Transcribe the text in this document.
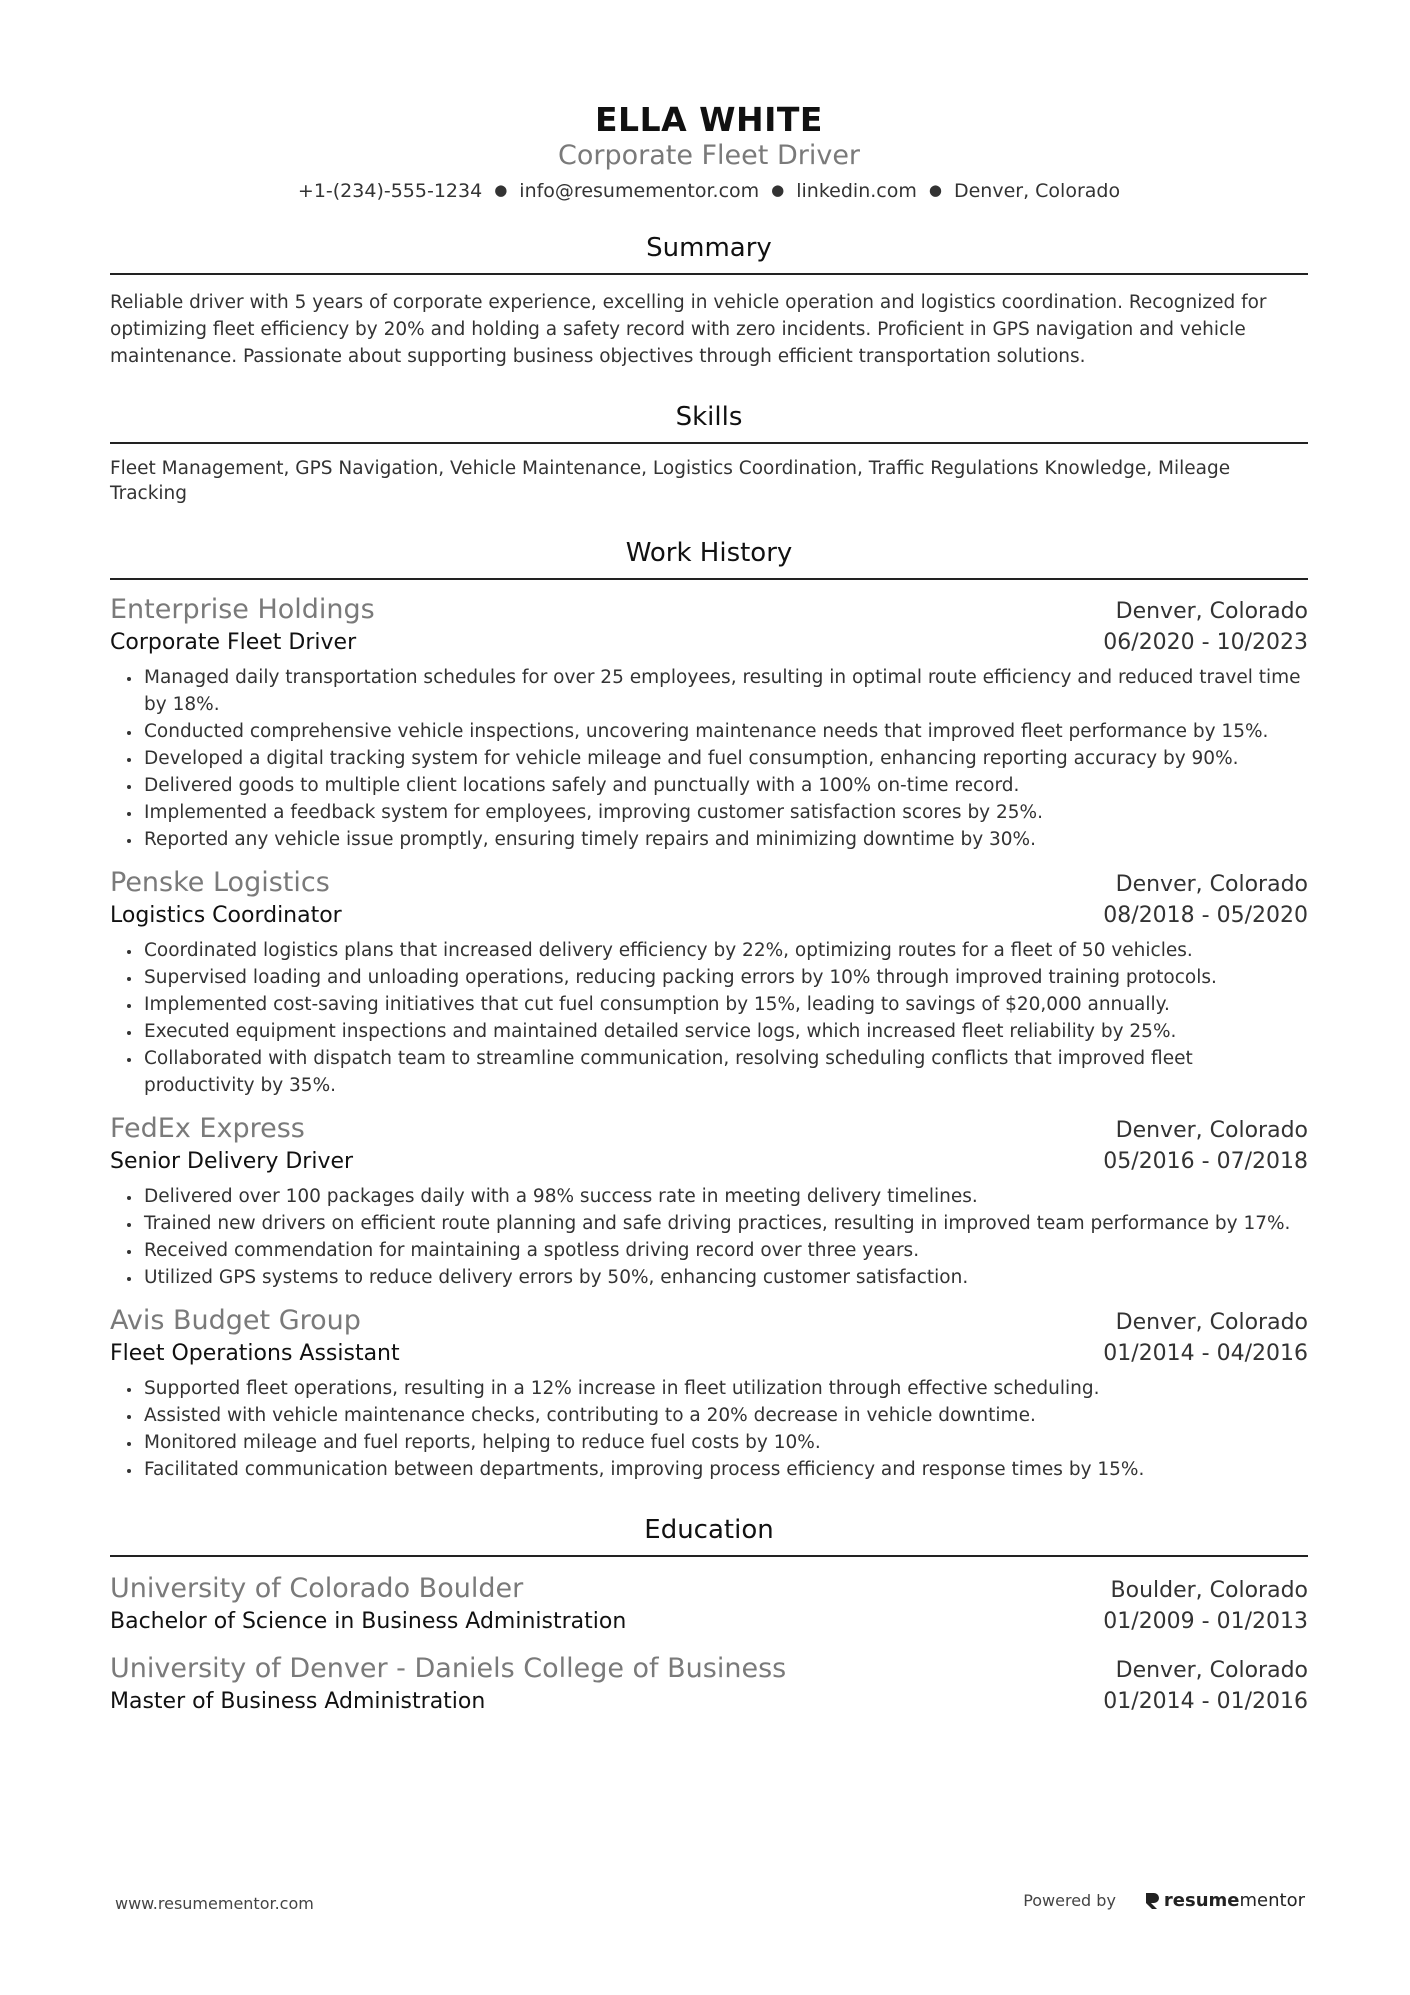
ELLA WHITE
Corporate Fleet Driver
+1-(234)-555-1234 ● info@resumementor.com ● linkedin.com ● Denver, Colorado
Summary
Reliable driver with 5 years of corporate experience, excelling in vehicle operation and logistics coordination. Recognized for optimizing fleet efficiency by 20% and holding a safety record with zero incidents. Proficient in GPS navigation and vehicle maintenance. Passionate about supporting business objectives through efficient transportation solutions.
Skills
Fleet Management, GPS Navigation, Vehicle Maintenance, Logistics Coordination, Traffic Regulations Knowledge, Mileage Tracking
Work History
Enterprise Holdings	Denver, Colorado
Corporate Fleet Driver	06/2020 - 10/2023
• Managed daily transportation schedules for over 25 employees, resulting in optimal route efficiency and reduced travel time by 18%.
• Conducted comprehensive vehicle inspections, uncovering maintenance needs that improved fleet performance by 15%.
• Developed a digital tracking system for vehicle mileage and fuel consumption, enhancing reporting accuracy by 90%.
• Delivered goods to multiple client locations safely and punctually with a 100% on-time record.
• Implemented a feedback system for employees, improving customer satisfaction scores by 25%.
• Reported any vehicle issue promptly, ensuring timely repairs and minimizing downtime by 30%.
Penske Logistics	Denver, Colorado
Logistics Coordinator	08/2018 - 05/2020
• Coordinated logistics plans that increased delivery efficiency by 22%, optimizing routes for a fleet of 50 vehicles.
• Supervised loading and unloading operations, reducing packing errors by 10% through improved training protocols.
• Implemented cost-saving initiatives that cut fuel consumption by 15%, leading to savings of $20,000 annually.
• Executed equipment inspections and maintained detailed service logs, which increased fleet reliability by 25%.
• Collaborated with dispatch team to streamline communication, resolving scheduling conflicts that improved fleet productivity by 35%.
FedEx Express	Denver, Colorado
Senior Delivery Driver	05/2016 - 07/2018
• Delivered over 100 packages daily with a 98% success rate in meeting delivery timelines.
• Trained new drivers on efficient route planning and safe driving practices, resulting in improved team performance by 17%.
• Received commendation for maintaining a spotless driving record over three years.
• Utilized GPS systems to reduce delivery errors by 50%, enhancing customer satisfaction.
Avis Budget Group	Denver, Colorado
Fleet Operations Assistant	01/2014 - 04/2016
• Supported fleet operations, resulting in a 12% increase in fleet utilization through effective scheduling.
• Assisted with vehicle maintenance checks, contributing to a 20% decrease in vehicle downtime.
• Monitored mileage and fuel reports, helping to reduce fuel costs by 10%.
• Facilitated communication between departments, improving process efficiency and response times by 15%.
Education
University of Colorado Boulder	Boulder, Colorado
Bachelor of Science in Business Administration	01/2009 - 01/2013
University of Denver - Daniels College of Business	Denver, Colorado
Master of Business Administration	01/2014 - 01/2016
www.resumementor.com	Powered by	resume mentor
